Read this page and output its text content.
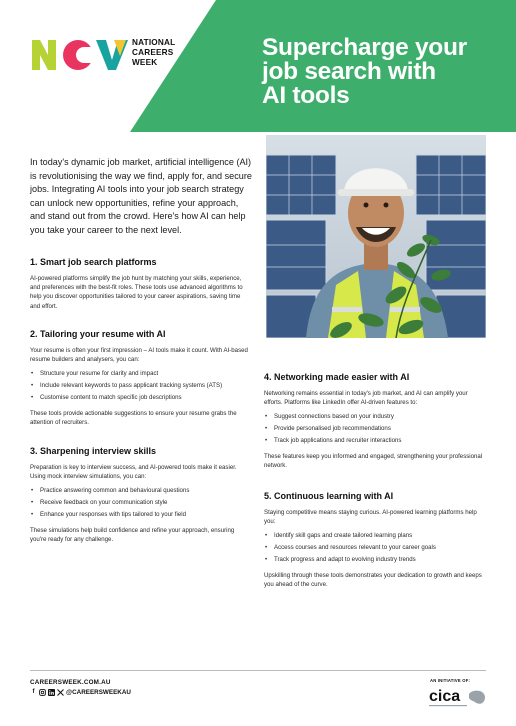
Supercharge your
job search with
AI tools
NATIONAL
CAREERS
WEEK
In today's dynamic job market, artificial intelligence (AI) is revolutionising the way we find, apply for, and secure jobs. Integrating AI tools into your job search strategy can unlock new opportunities, refine your approach, and stand out from the crowd. Here's how AI can help you take your career to the next level.
1. Smart job search platforms

AI-powered platforms simplify the job hunt by matching your skills, experience, and preferences with the best-fit roles. These tools use advanced algorithms to help you discover opportunities tailored to your career aspirations, saving time and effort.

2. Tailoring your resume with AI

Your resume is often your first impression – AI tools make it count. With AI-based resume builders and analysers, you can:

• Structure your resume for clarity and impact
• Include relevant keywords to pass applicant tracking systems (ATS)
• Customise content to match specific job descriptions

These tools provide actionable suggestions to ensure your resume grabs the attention of recruiters.

3. Sharpening interview skills

Preparation is key to interview success, and AI-powered tools make it easier. Using mock interview simulations, you can:

• Practice answering common and behavioural questions
• Receive feedback on your communication style
• Enhance your responses with tips tailored to your field

These simulations help build confidence and refine your approach, ensuring you're ready for any challenge.

4. Networking made easier with AI

Networking remains essential in today's job market, and AI can amplify your efforts. Platforms like LinkedIn offer AI-driven features to:

• Suggest connections based on your industry
• Provide personalised job recommendations
• Track job applications and recruiter interactions

These features keep you informed and engaged, strengthening your professional network.

5. Continuous learning with AI

Staying competitive means staying curious. AI-powered learning platforms help you:

• Identify skill gaps and create tailored learning plans
• Access courses and resources relevant to your career goals
• Track progress and adapt to evolving industry trends

Upskilling through these tools demonstrates your dedication to growth and keeps you ahead of the curve.

CAREERSWEEK.COM.AU
f	@CAREERSWEEKAU
AN INITIATIVE OF:
cica
